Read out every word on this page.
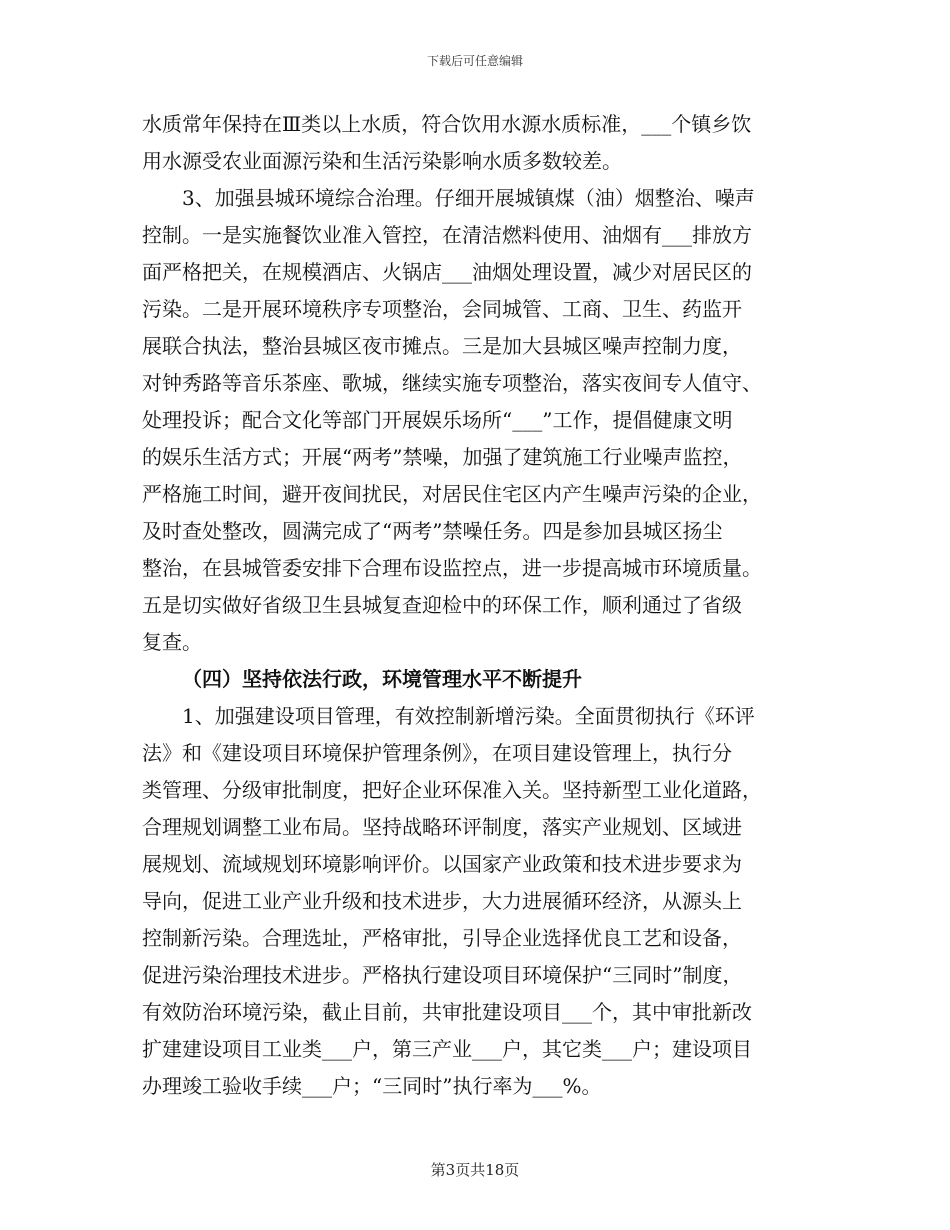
下载后可任意编辑
水质常年保持在Ⅲ类以上水质，符合饮用水源水质标准，___个镇乡饮
用水源受农业面源污染和生活污染影响水质多数较差。
3、加强县城环境综合治理。仔细开展城镇煤（油）烟整治、噪声
控制。一是实施餐饮业准入管控，在清洁燃料使用、油烟有___排放方
面严格把关，在规模酒店、火锅店___油烟处理设置，减少对居民区的
污染。二是开展环境秩序专项整治，会同城管、工商、卫生、药监开
展联合执法，整治县城区夜市摊点。三是加大县城区噪声控制力度，
对钟秀路等音乐茶座、歌城，继续实施专项整治，落实夜间专人值守、
处理投诉；配合文化等部门开展娱乐场所“___”工作，提倡健康文明
的娱乐生活方式；开展“两考”禁噪，加强了建筑施工行业噪声监控，
严格施工时间，避开夜间扰民，对居民住宅区内产生噪声污染的企业，
及时查处整改，圆满完成了“两考”禁噪任务。四是参加县城区扬尘
整治，在县城管委安排下合理布设监控点，进一步提高城市环境质量。
五是切实做好省级卫生县城复查迎检中的环保工作，顺利通过了省级
复查。
（四）坚持依法行政，环境管理水平不断提升
1、加强建设项目管理，有效控制新增污染。全面贯彻执行《环评
法》和《建设项目环境保护管理条例》，在项目建设管理上，执行分
类管理、分级审批制度，把好企业环保准入关。坚持新型工业化道路，
合理规划调整工业布局。坚持战略环评制度，落实产业规划、区域进
展规划、流域规划环境影响评价。以国家产业政策和技术进步要求为
导向，促进工业产业升级和技术进步，大力进展循环经济，从源头上
控制新污染。合理选址，严格审批，引导企业选择优良工艺和设备，
促进污染治理技术进步。严格执行建设项目环境保护“三同时”制度，
有效防治环境污染，截止目前，共审批建设项目___个，其中审批新改
扩建建设项目工业类___户，第三产业___户，其它类___户；建设项目
办理竣工验收手续___户；“三同时”执行率为___%。
第3页共18页
